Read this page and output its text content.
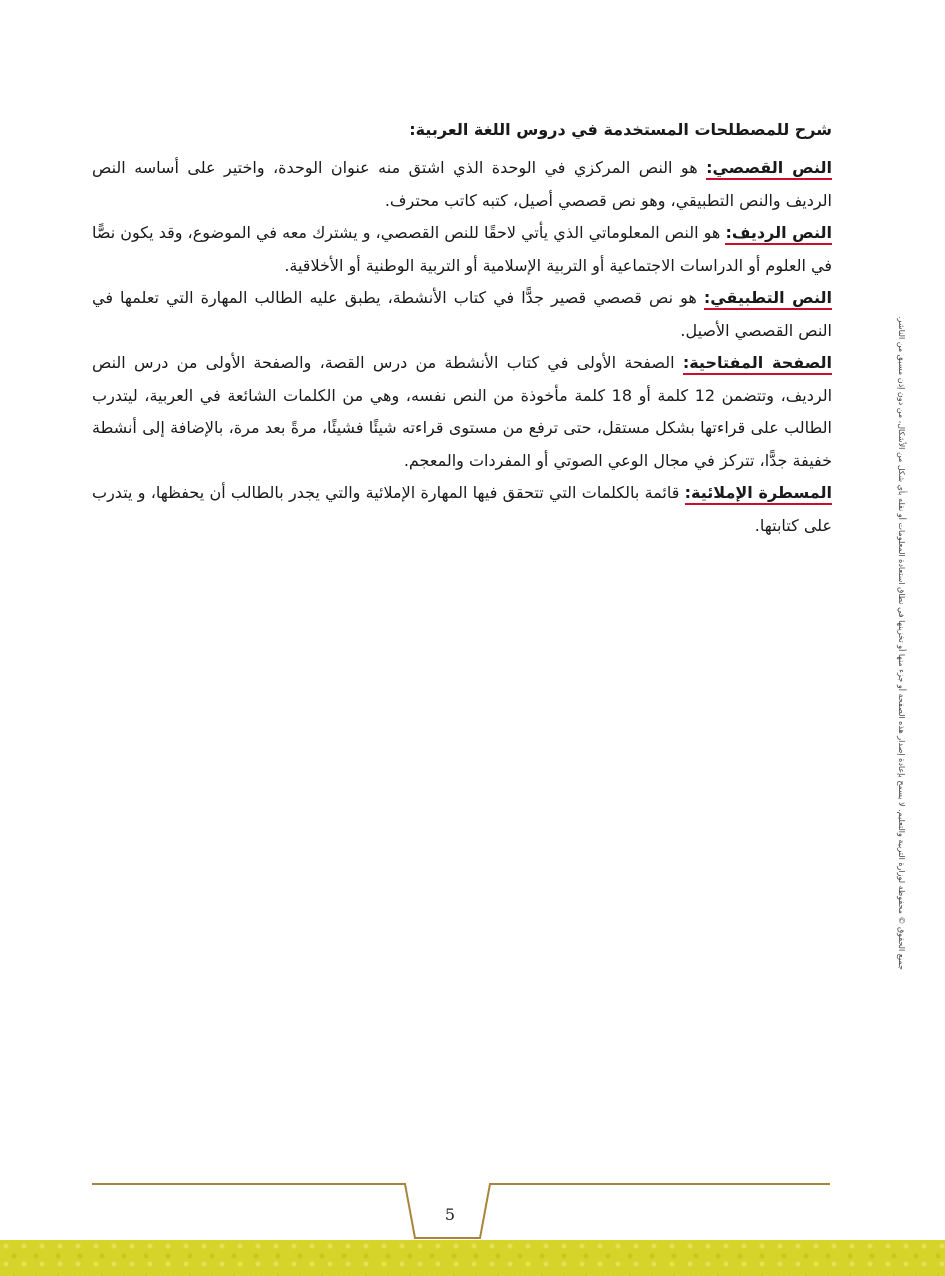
شرح للمصطلحات المستخدمة في دروس اللغة العربية:

النص القصصي: هو النص المركزي في الوحدة الذي اشتق منه عنوان الوحدة، واختير على أساسه النص الرديف والنص التطبيقي، وهو نص قصصي أصيل، كتبه كاتب محترف.

النص الرديف: هو النص المعلوماتي الذي يأتي لاحقًا للنص القصصي، و يشترك معه في الموضوع، وقد يكون نصًّا في العلوم أو الدراسات الاجتماعية أو التربية الإسلامية أو التربية الوطنية أو الأخلاقية.

النص التطبيقي: هو نص قصصي قصير جدًّا في كتاب الأنشطة، يطبق عليه الطالب المهارة التي تعلمها في النص القصصي الأصيل.

الصفحة المفتاحية: الصفحة الأولى في كتاب الأنشطة من درس القصة، والصفحة الأولى من درس النص الرديف، وتتضمن 12 كلمة أو 18 كلمة مأخوذة من النص نفسه، وهي من الكلمات الشائعة في العربية، ليتدرب الطالب على قراءتها بشكل مستقل، حتى ترفع من مستوى قراءته شيئًا فشيئًا، مرةً بعد مرة، بالإضافة إلى أنشطة خفيفة جدًّا، تتركز في مجال الوعي الصوتي أو المفردات والمعجم.

المسطرة الإملائية: قائمة بالكلمات التي تتحقق فيها المهارة الإملائية والتي يجدر بالطالب أن يحفظها، و يتدرب على كتابتها.	جميع الحقوق © محفوظة لوزارة التربية والتعليم. لا يسمح بإعادة إصدار هذه الصفحة أو جزء منها أو تخزينها في نطاق استعادة المعلومات أو نقله بأي شكل من الأشكال، من دون إذن مسبق من الناشر.
5
